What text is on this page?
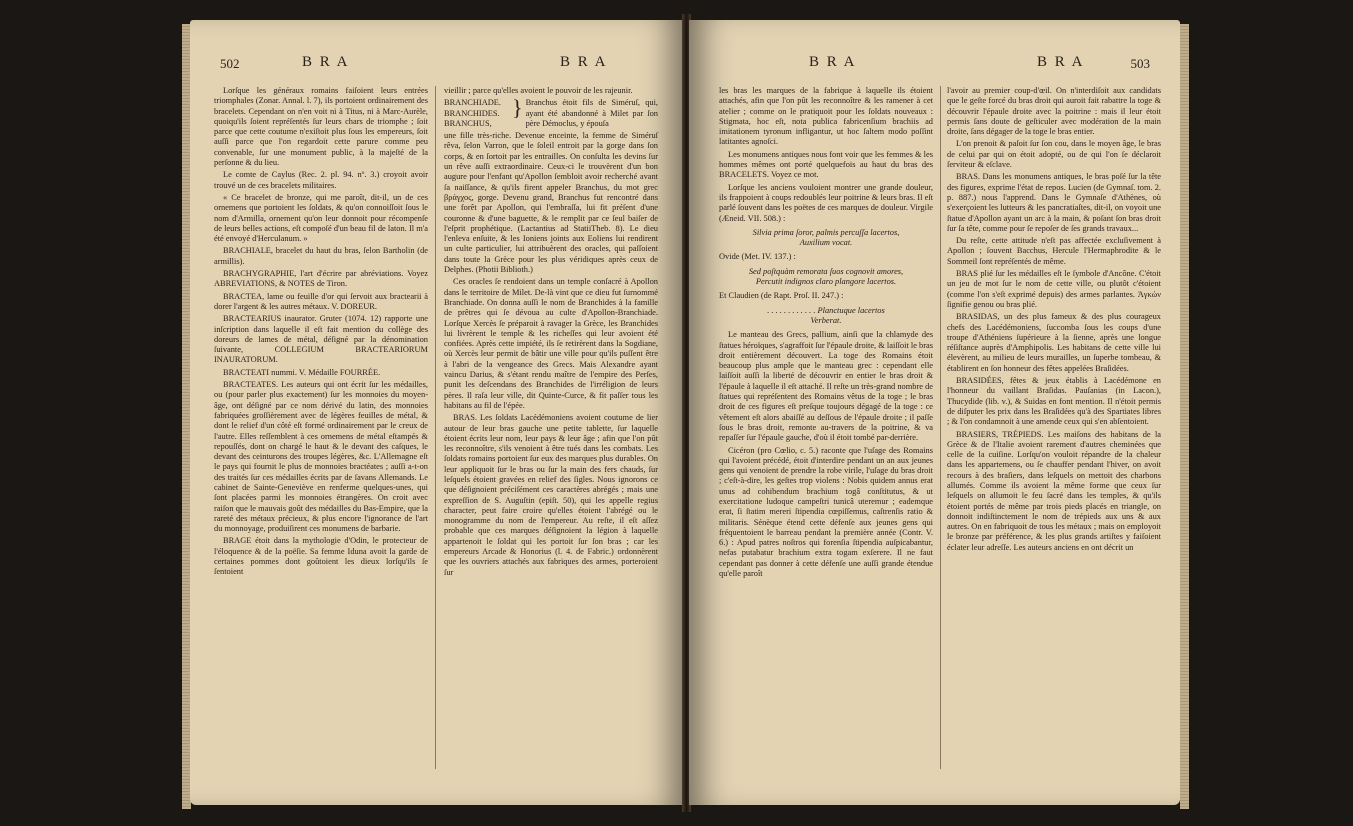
502	B R A	B R A

Lorſque les généraux romains faiſoient leurs entrées triomphales (Zonar. Annal. l. 7), ils portoient ordinairement des bracelets. Cependant on n'en voit ni à Titus, ni à Marc-Aurèle, quoiqu'ils ſoient repréſentés ſur leurs chars de triomphe ; ſoit parce que cette coutume n'exiſtoit plus ſous les empereurs, ſoit auſſi parce que l'on regardoit cette parure comme peu convenable, ſur une monument public, à la majeſté de la perſonne & du lieu.

Le comte de Caylus (Rec. 2. pl. 94. nº. 3.) croyoit avoir trouvé un de ces bracelets militaires.

« Ce bracelet de bronze, qui me paroît, dit-il, un de ces ornemens que portoient les ſoldats, & qu'on connoiſſoit ſous le nom d'Armilla, ornement qu'on leur donnoit pour récompenſe de leurs belles actions, eſt compoſé d'un beau fil de laton. Il m'a été envoyé d'Herculanum. »

BRACHIALE, bracelet du haut du bras, ſelon Bartholin (de armillis).

BRACHYGRAPHIE, l'art d'écrire par abréviations. Voyez ABREVIATIONS, & NOTES de Tiron.

BRACTEA, lame ou feuille d'or qui ſervoit aux bractearii à dorer l'argent & les autres métaux. V. DOREUR.

BRACTEARIUS inaurator. Gruter (1074. 12) rapporte une inſcription dans laquelle il eſt fait mention du collège des doreurs de lames de métal, déſigné par la dénomination ſuivante, COLLEGIUM BRACTEARIORUM INAURATORUM.

BRACTEATI nummi. V. Médaille FOURRÉE.

BRACTEATES. Les auteurs qui ont écrit ſur les médailles, ou (pour parler plus exactement) ſur les monnoies du moyen-âge, ont déſigné par ce nom dérivé du latin, des monnoies fabriquées groſſièrement avec de légères feuilles de métal, & dont le relief d'un côté eſt formé ordinairement par le creux de l'autre. Elles reſſemblent à ces ornemens de métal eſtampés & repouſſés, dont on chargé le haut & le devant des caſques, le devant des ceinturons des troupes légères, &c. L'Allemagne eſt le pays qui fournit le plus de monnoies bractéates ; auſſi a-t-on des traités ſur ces médailles écrits par de ſavans Allemands. Le cabinet de Sainte-Geneviève en renferme quelques-unes, qui ſont placées parmi les monnoies étrangères. On croit avec raiſon que le mauvais goût des médailles du Bas-Empire, que la rareté des métaux précieux, & plus encore l'ignorance de l'art du monnoyage, produiſirent ces monumens de barbarie.

BRAGE étoit dans la mythologie d'Odin, le protecteur de l'éloquence & de la poëſie. Sa femme Iduna avoit la garde de certaines pommes dont goûtoient les dieux lorſqu'ils ſe ſentoient

vieillir ; parce qu'elles avoient le pouvoir de les rajeunir.

BRANCHIADE.
BRANCHIDES.
BRANCHUS,
} Branchus étoit fils de Siméruſ, qui, ayant été abandonné à Milet par ſon père Démoclus, y épouſa

une fille très-riche. Devenue enceinte, la femme de Siméruſ rêva, ſelon Varron, que le ſoleil entroit par la gorge dans ſon corps, & en ſortoit par les entrailles. On conſulta les devins ſur un rêve auſſi extraordinaire. Ceux-ci le trouvèrent d'un bon augure pour l'enfant qu'Apollon ſembloit avoir recherché avant ſa naiſſance, & qu'ils firent appeler Branchus, du mot grec βράγχος, gorge. Devenu grand, Branchus fut rencontré dans une forêt par Apollon, qui l'embraſſa, lui fit préſent d'une couronne & d'une baguette, & le remplit par ce ſeul baiſer de l'eſprit prophétique. (Lactantius ad StatiiTheb. 8). Le dieu l'enleva enſuite, & les Ioniens joints aux Eoliens lui rendirent un culte particulier, lui attribuèrent des oracles, qui paſſoient dans toute la Grèce pour les plus véridiques après ceux de Delphes. (Photii Biblioth.)

Ces oracles ſe rendoient dans un temple conſacré à Apollon dans le territoire de Milet. De-là vint que ce dieu fut ſurnommé Branchiade. On donna auſſi le nom de Branchides à la famille de prêtres qui ſe dévoua au culte d'Apollon-Branchiade. Lorſque Xercès ſe préparoit à ravager la Grèce, les Branchides lui livrèrent le temple & les richeſſes qui leur avoient été confiées. Après cette impiété, ils ſe retirèrent dans la Sogdiane, où Xercès leur permit de bâtir une ville pour qu'ils puſſent être à l'abri de la vengeance des Grecs. Mais Alexandre ayant vaincu Darius, & s'étant rendu maître de l'empire des Perſes, punit les deſcendans des Branchides de l'irréligion de leurs pères. Il raſa leur ville, dit Quinte-Curce, & fit paſſer tous les habitans au fil de l'épée.

BRAS. Les ſoldats Lacédémoniens avoient coutume de lier autour de leur bras gauche une petite tablette, ſur laquelle étoient écrits leur nom, leur pays & leur âge ; afin que l'on pût les reconnoître, s'ils venoient à être tués dans les combats. Les ſoldats romains portoient ſur eux des marques plus durables. On leur appliquoit ſur le bras ou ſur la main des fers chauds, ſur leſquels étoient gravées en relief des ſigles. Nous ignorons ce que déſignoient préciſément ces caractères abrégés ; mais une expreſſion de S. Auguſtin (epiſt. 50), qui les appelle regius character, peut faire croire qu'elles étoient l'abrégé ou le monogramme du nom de l'empereur. Au reſte, il eſt aſſez probable que ces marques déſignoient la légion à laquelle appartenoit le ſoldat qui les portoit ſur ſon bras ; car les empereurs Arcade & Honorius (l. 4. de Fabric.) ordonnèrent que les ouvriers attachés aux fabriques des armes, porteroient ſur

B R A	B R A	503

les bras les marques de la fabrique à laquelle ils étoient attachés, afin que l'on pût les reconnoître & les ramener à cet atelier ; comme on le pratiquoit pour les ſoldats nouveaux : Stigmata, hoc eſt, nota publica fabricenſium brachiis ad imitationem tyronum infligantur, ut hoc ſaltem modo poſſint latitantes agnoſci.

Les monumens antiques nous font voir que les femmes & les hommes mêmes ont porté quelquefois au haut du bras des BRACELETS. Voyez ce mot.

Lorſque les anciens vouloient montrer une grande douleur, ils frappoient à coups redoublés leur poitrine & leurs bras. Il eſt parlé ſouvent dans les poëtes de ces marques de douleur. Virgile (Æneid. VII. 508.) :

Silvia prima ſoror, palmis percuſſa lacertos,
Auxilium vocat.

Ovide (Met. IV. 137.) :

Sed poſtquàm remorata ſuos cognovit amores,
Percutit indignos claro plangore lacertos.

Et Claudien (de Rapt. Proſ. II. 247.) :

. . . . . . . . . . . . Planctuque lacertos
Verberat.

Le manteau des Grecs, pallium, ainſi que la chlamyde des ſtatues héroïques, s'agraffoit ſur l'épaule droite, & laiſſoit le bras droit entièrement découvert. La toge des Romains étoit beaucoup plus ample que le manteau grec : cependant elle laiſſoit auſſi la liberté de découvrir en entier le bras droit & l'épaule à laquelle il eſt attaché. Il reſte un très-grand nombre de ſtatues qui repréſentent des Romains vêtus de la toge ; le bras droit de ces figures eſt preſque toujours dégagé de la toge : ce vêtement eſt alors abaiſſé au deſſous de l'épaule droite ; il paſſe ſous le bras droit, remonte au-travers de la poitrine, & va repaſſer ſur l'épaule gauche, d'où il étoit tombé par-derrière.

Cicéron (pro Cœlio, c. 5.) raconte que l'uſage des Romains qui l'avoient précédé, étoit d'interdire pendant un an aux jeunes gens qui venoient de prendre la robe virile, l'uſage du bras droit ; c'eſt-à-dire, les geſtes trop violens : Nobis quidem annus erat unus ad cohibendum brachium togâ conſtitutus, & ut exercitatione ludoque campeſtri tunicâ uteremur ; eademque erat, ſi ſtatim mereri ſtipendia cœpiſſemus, caſtrenſis ratio & militaris. Sénèque étend cette défenſe aux jeunes gens qui fréquentoient le barreau pendant la première année (Contr. V. 6.) : Apud patres noſtros qui forenſia ſtipendia auſpicabantur, nefas putabatur brachium extra togam exſerere. Il ne faut cependant pas donner à cette défenſe une auſſi grande étendue qu'elle paroît

l'avoir au premier coup-d'œil. On n'interdiſoit aux candidats que le geſte forcé du bras droit qui auroit fait rabattre la toge & découvrir l'épaule droite avec la poitrine : mais il leur étoit permis ſans doute de geſticuler avec modération de la main droite, ſans dégager de la toge le bras entier.

L'on prenoit & paſoit ſur ſon cou, dans le moyen âge, le bras de celui par qui on étoit adopté, ou de qui l'on ſe déclaroit ſerviteur & eſclave.

BRAS. Dans les monumens antiques, le bras poſé ſur la tête des figures, exprime l'état de repos. Lucien (de Gymnaſ. tom. 2. p. 887.) nous l'apprend. Dans le Gymnaſe d'Athènes, où s'exerçoient les lutteurs & les pancratiaſtes, dit-il, on voyoit une ſtatue d'Apollon ayant un arc à la main, & poſant ſon bras droit ſur ſa tête, comme pour ſe repoſer de ſes grands travaux...

Du reſte, cette attitude n'eſt pas affectée excluſivement à Apollon ; ſouvent Bacchus, Hercule l'Hermaphrodite & le Sommeil ſont repréſentés de même.

BRAS plié ſur les médailles eſt le ſymbole d'Ancône. C'étoit un jeu de mot ſur le nom de cette ville, ou plutôt c'étoient (comme l'on s'eſt exprimé depuis) des armes parlantes. Ἀγκὼν ſignifie genou ou bras plié.

BRASIDAS, un des plus fameux & des plus courageux chefs des Lacédémoniens, ſuccomba ſous les coups d'une troupe d'Athéniens ſupérieure à la ſienne, après une longue réſiſtance auprès d'Amphipolis. Les habitans de cette ville lui élevèrent, au milieu de leurs murailles, un ſuperbe tombeau, & établirent en ſon honneur des fêtes appelées Braſidées.

BRASIDÉES, fêtes & jeux établis à Lacédémone en l'honneur du vaillant Braſidas. Pauſanias (in Lacon.), Thucydide (lib. v.), & Suidas en font mention. Il n'étoit permis de diſputer les prix dans les Braſidées qu'à des Spartiates libres ; & l'on condamnoit à une amende ceux qui s'en abſentoient.

BRASIERS, TRÉPIEDS. Les maiſons des habitans de la Grèce & de l'Italie avoient rarement d'autres cheminées que celle de la cuiſine. Lorſqu'on vouloit répandre de la chaleur dans les appartemens, ou ſe chauffer pendant l'hiver, on avoit recours à des braſiers, dans leſquels on mettoit des charbons allumés. Comme ils avoient la même forme que ceux ſur leſquels on allumoit le feu ſacré dans les temples, & qu'ils étoient portés de même par trois pieds placés en triangle, on donnoit indiſtinctement le nom de trépieds aux uns & aux autres. On en fabriquoit de tous les métaux ; mais on employoit le bronze par préférence, & les plus grands artiſtes y faiſoient éclater leur adreſſe. Les auteurs anciens en ont décrit un
